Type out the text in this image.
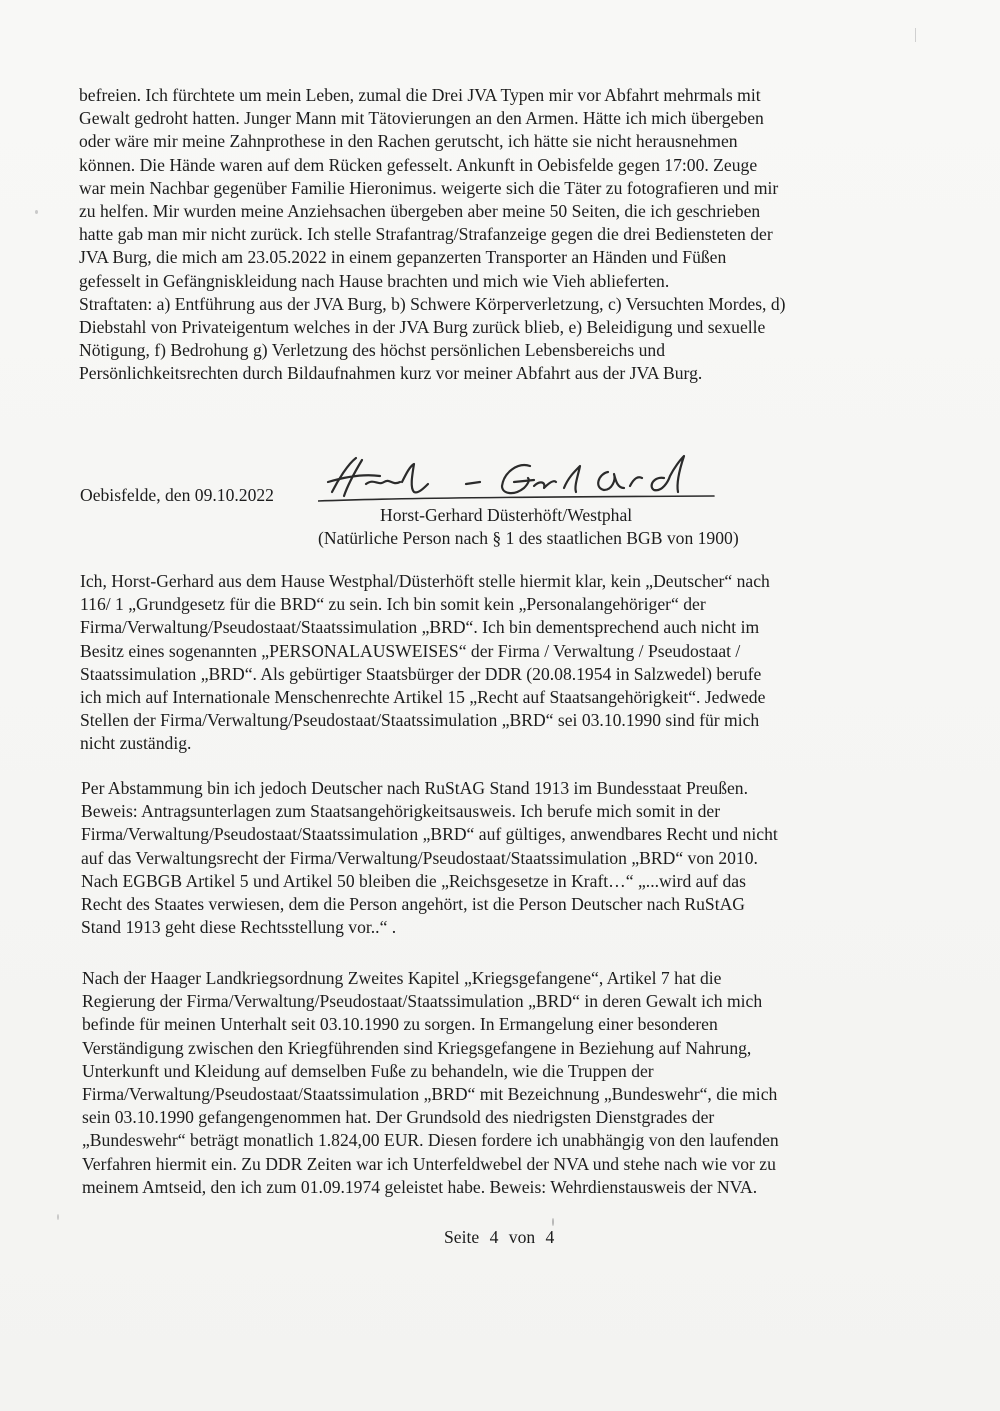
befreien. Ich fürchtete um mein Leben, zumal die Drei JVA Typen mir vor Abfahrt mehrmals mit
Gewalt gedroht hatten. Junger Mann mit Tätovierungen an den Armen. Hätte ich mich übergeben
oder wäre mir meine Zahnprothese in den Rachen gerutscht, ich hätte sie nicht herausnehmen
können. Die Hände waren auf dem Rücken gefesselt. Ankunft in Oebisfelde gegen 17:00. Zeuge
war mein Nachbar gegenüber Familie Hieronimus. weigerte sich die Täter zu fotografieren und mir
zu helfen. Mir wurden meine Anziehsachen übergeben aber meine 50 Seiten, die ich geschrieben
hatte gab man mir nicht zurück. Ich stelle Strafantrag/Strafanzeige gegen die drei Bediensteten der
JVA Burg, die mich am 23.05.2022 in einem gepanzerten Transporter an Händen und Füßen
gefesselt in Gefängniskleidung nach Hause brachten und mich wie Vieh ablieferten.
Straftaten: a) Entführung aus der JVA Burg, b) Schwere Körperverletzung, c) Versuchten Mordes, d)
Diebstahl von Privateigentum welches in der JVA Burg zurück blieb, e) Beleidigung und sexuelle
Nötigung, f) Bedrohung g) Verletzung des höchst persönlichen Lebensbereichs und
Persönlichkeitsrechten durch Bildaufnahmen kurz vor meiner Abfahrt aus der JVA Burg.
Oebisfelde, den 09.10.2022
Horst-Gerhard Düsterhöft/Westphal
(Natürliche Person nach § 1 des staatlichen BGB von 1900)
Ich, Horst-Gerhard aus dem Hause Westphal/Düsterhöft stelle hiermit klar, kein „Deutscher“ nach
116/ 1 „Grundgesetz für die BRD“ zu sein. Ich bin somit kein „Personalangehöriger“ der
Firma/Verwaltung/Pseudostaat/Staatssimulation „BRD“. Ich bin dementsprechend auch nicht im
Besitz eines sogenannten „PERSONALAUSWEISES“ der Firma / Verwaltung / Pseudostaat /
Staatssimulation „BRD“. Als gebürtiger Staatsbürger der DDR (20.08.1954 in Salzwedel) berufe
ich mich auf Internationale Menschenrechte Artikel 15 „Recht auf Staatsangehörigkeit“. Jedwede
Stellen der Firma/Verwaltung/Pseudostaat/Staatssimulation „BRD“ sei 03.10.1990 sind für mich
nicht zuständig.
Per Abstammung bin ich jedoch Deutscher nach RuStAG Stand 1913 im Bundesstaat Preußen.
Beweis: Antragsunterlagen zum Staatsangehörigkeitsausweis. Ich berufe mich somit in der
Firma/Verwaltung/Pseudostaat/Staatssimulation „BRD“ auf gültiges, anwendbares Recht und nicht
auf das Verwaltungsrecht der Firma/Verwaltung/Pseudostaat/Staatssimulation „BRD“ von 2010.
Nach EGBGB Artikel 5 und Artikel 50 bleiben die „Reichsgesetze in Kraft…“ „...wird auf das
Recht des Staates verwiesen, dem die Person angehört, ist die Person Deutscher nach RuStAG
Stand 1913 geht diese Rechtsstellung vor..“ .
Nach der Haager Landkriegsordnung Zweites Kapitel „Kriegsgefangene“, Artikel 7 hat die
Regierung der Firma/Verwaltung/Pseudostaat/Staatssimulation „BRD“ in deren Gewalt ich mich
befinde für meinen Unterhalt seit 03.10.1990 zu sorgen. In Ermangelung einer besonderen
Verständigung zwischen den Kriegführenden sind Kriegsgefangene in Beziehung auf Nahrung,
Unterkunft und Kleidung auf demselben Fuße zu behandeln, wie die Truppen der
Firma/Verwaltung/Pseudostaat/Staatssimulation „BRD“ mit Bezeichnung „Bundeswehr“, die mich
sein 03.10.1990 gefangengenommen hat. Der Grundsold des niedrigsten Dienstgrades der
„Bundeswehr“ beträgt monatlich 1.824,00 EUR. Diesen fordere ich unabhängig von den laufenden
Verfahren hiermit ein. Zu DDR Zeiten war ich Unterfeldwebel der NVA und stehe nach wie vor zu
meinem Amtseid, den ich zum 01.09.1974 geleistet habe. Beweis: Wehrdienstausweis der NVA.
Seite 4 von 4
